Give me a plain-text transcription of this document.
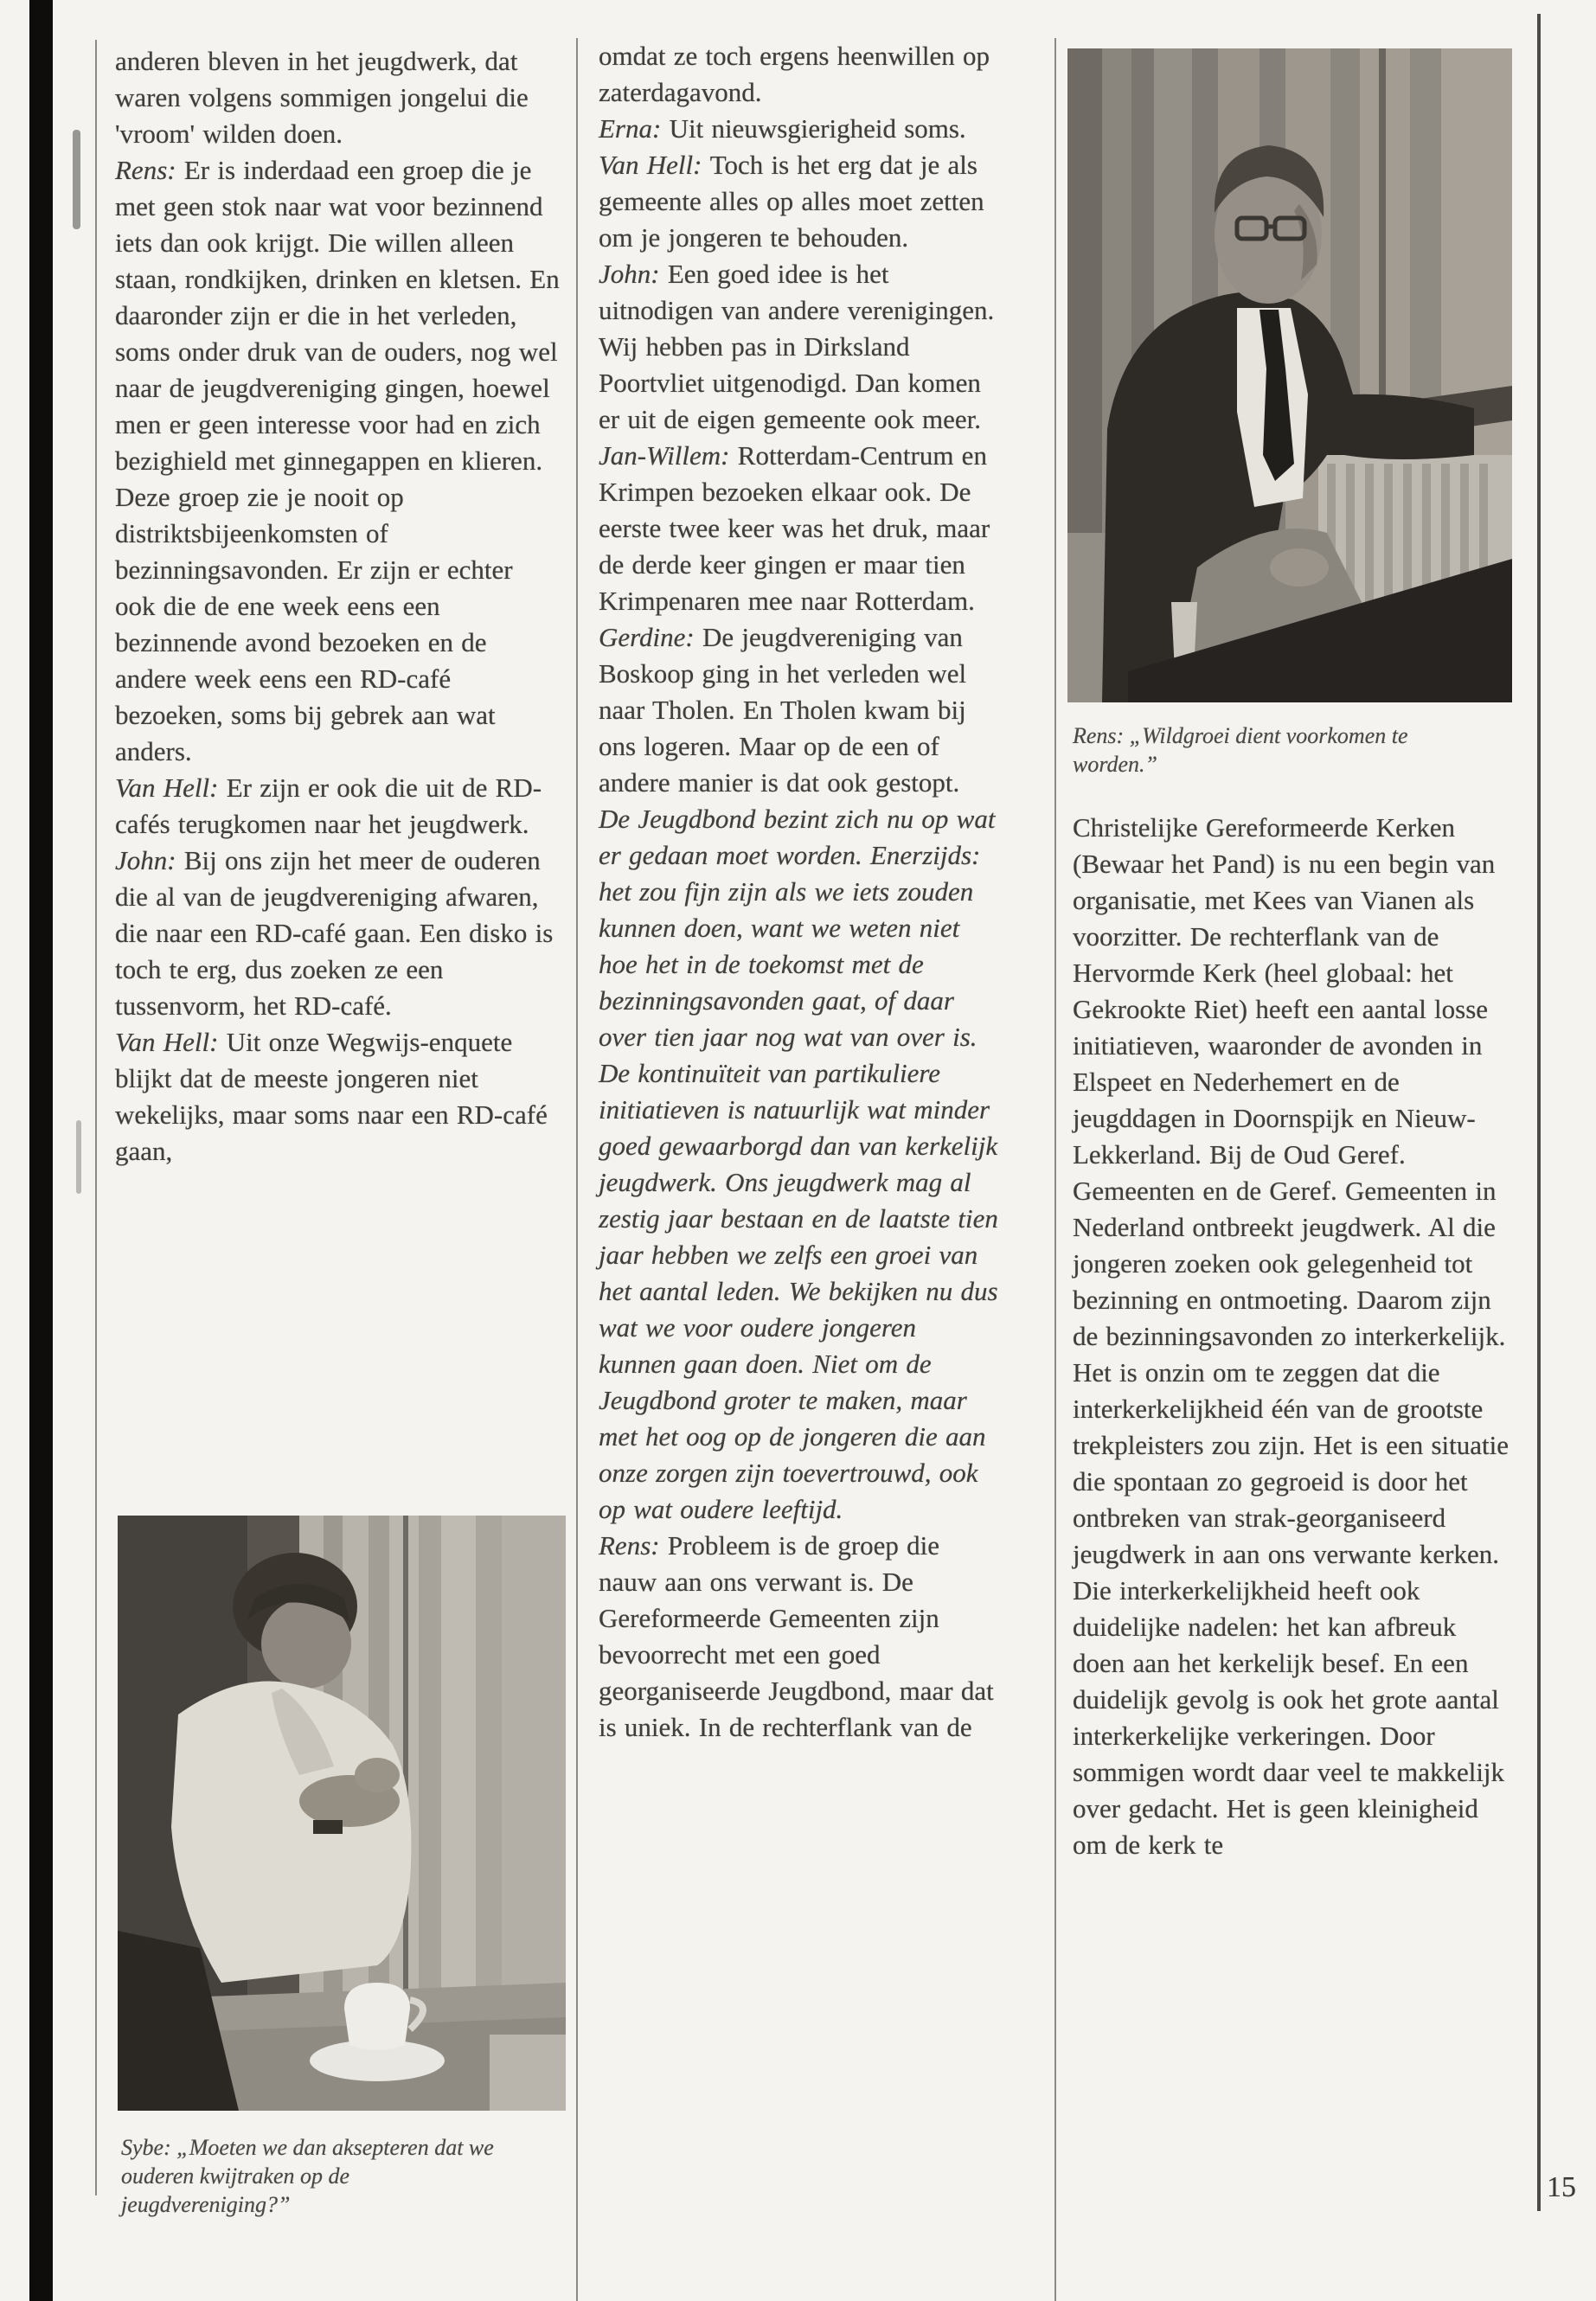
anderen bleven in het jeugdwerk, dat waren volgens sommigen jongelui die 'vroom' wilden doen.

Rens: Er is inderdaad een groep die je met geen stok naar wat voor bezinnend iets dan ook krijgt. Die willen alleen staan, rondkijken, drinken en kletsen. En daaronder zijn er die in het verleden, soms onder druk van de ouders, nog wel naar de jeugdvereniging gingen, hoewel men er geen interesse voor had en zich bezighield met ginnegappen en klieren. Deze groep zie je nooit op distriktsbijeenkomsten of bezinningsavonden. Er zijn er echter ook die de ene week eens een bezinnende avond bezoeken en de andere week eens een RD-café bezoeken, soms bij gebrek aan wat anders.

Van Hell: Er zijn er ook die uit de RD-cafés terugkomen naar het jeugdwerk.

John: Bij ons zijn het meer de ouderen die al van de jeugdvereniging afwaren, die naar een RD-café gaan. Een disko is toch te erg, dus zoeken ze een tussenvorm, het RD-café.

Van Hell: Uit onze Wegwijs-enquete blijkt dat de meeste jongeren niet wekelijks, maar soms naar een RD-café gaan,

Sybe: „Moeten we dan aksepteren dat we ouderen kwijtraken op de jeugdvereniging?”

omdat ze toch ergens heenwillen op zaterdagavond.

Erna: Uit nieuwsgierigheid soms.

Van Hell: Toch is het erg dat je als gemeente alles op alles moet zetten om je jongeren te behouden.

John: Een goed idee is het uitnodigen van andere verenigingen. Wij hebben pas in Dirksland Poortvliet uitgenodigd. Dan komen er uit de eigen gemeente ook meer.

Jan-Willem: Rotterdam-Centrum en Krimpen bezoeken elkaar ook. De eerste twee keer was het druk, maar de derde keer gingen er maar tien Krimpenaren mee naar Rotterdam.

Gerdine: De jeugdvereniging van Boskoop ging in het verleden wel naar Tholen. En Tholen kwam bij ons logeren. Maar op de een of andere manier is dat ook gestopt.

De Jeugdbond bezint zich nu op wat er gedaan moet worden. Enerzijds: het zou fijn zijn als we iets zouden kunnen doen, want we weten niet hoe het in de toekomst met de bezinningsavonden gaat, of daar over tien jaar nog wat van over is. De kontinuïteit van partikuliere initiatieven is natuurlijk wat minder goed gewaarborgd dan van kerkelijk jeugdwerk. Ons jeugdwerk mag al zestig jaar bestaan en de laatste tien jaar hebben we zelfs een groei van het aantal leden. We bekijken nu dus wat we voor oudere jongeren kunnen gaan doen. Niet om de Jeugdbond groter te maken, maar met het oog op de jongeren die aan onze zorgen zijn toevertrouwd, ook op wat oudere leeftijd.

Rens: Probleem is de groep die nauw aan ons verwant is. De Gereformeerde Gemeenten zijn bevoorrecht met een goed georganiseerde Jeugdbond, maar dat is uniek. In de rechterflank van de

Rens: „Wildgroei dient voorkomen te worden.”

Christelijke Gereformeerde Kerken (Bewaar het Pand) is nu een begin van organisatie, met Kees van Vianen als voorzitter. De rechterflank van de Hervormde Kerk (heel globaal: het Gekrookte Riet) heeft een aantal losse initiatieven, waaronder de avonden in Elspeet en Nederhemert en de jeugddagen in Doornspijk en Nieuw-Lekkerland. Bij de Oud Geref. Gemeenten en de Geref. Gemeenten in Nederland ontbreekt jeugdwerk. Al die jongeren zoeken ook gelegenheid tot bezinning en ontmoeting. Daarom zijn de bezinningsavonden zo interkerkelijk.

Het is onzin om te zeggen dat die interkerkelijkheid één van de grootste trekpleisters zou zijn. Het is een situatie die spontaan zo gegroeid is door het ontbreken van strak-georganiseerd jeugdwerk in aan ons verwante kerken. Die interkerkelijkheid heeft ook duidelijke nadelen: het kan afbreuk doen aan het kerkelijk besef. En een duidelijk gevolg is ook het grote aantal interkerkelijke verkeringen. Door sommigen wordt daar veel te makkelijk over gedacht. Het is geen kleinigheid om de kerk te

15
